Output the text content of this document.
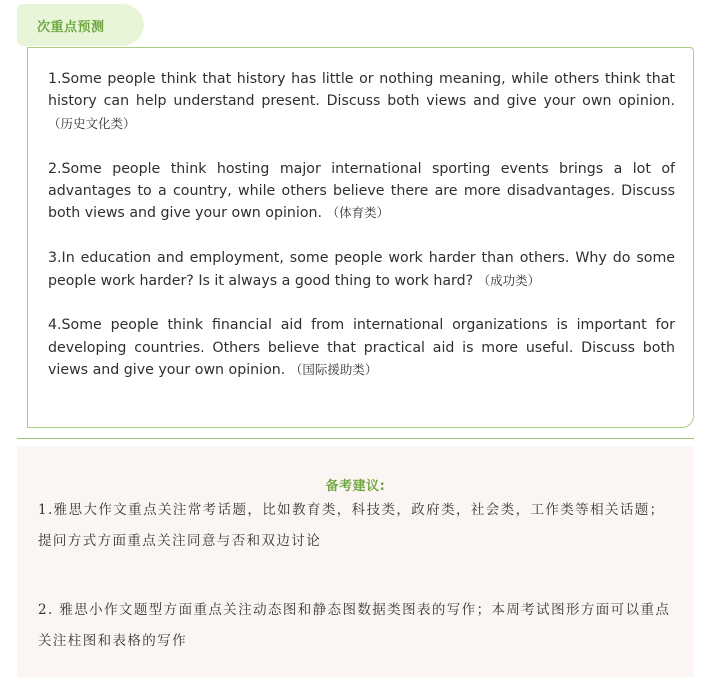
次重点预测

1.Some people think that history has little or nothing meaning, while others think that history can help understand present. Discuss both views and give your own opinion. （历史文化类）

2.Some people think hosting major international sporting events brings a lot of advantages to a country, while others believe there are more disadvantages. Discuss both views and give your own opinion. （体育类）

3.In education and employment, some people work harder than others. Why do some people work harder? Is it always a good thing to work hard? （成功类）

4.Some people think financial aid from international organizations is important for developing countries. Others believe that practical aid is more useful. Discuss both views and give your own opinion. （国际援助类）

备考建议:

1.雅思大作文重点关注常考话题，比如教育类，科技类，政府类，社会类，工作类等相关话题；提问方式方面重点关注同意与否和双边讨论

2. 雅思小作文题型方面重点关注动态图和静态图数据类图表的写作；本周考试图形方面可以重点关注柱图和表格的写作
